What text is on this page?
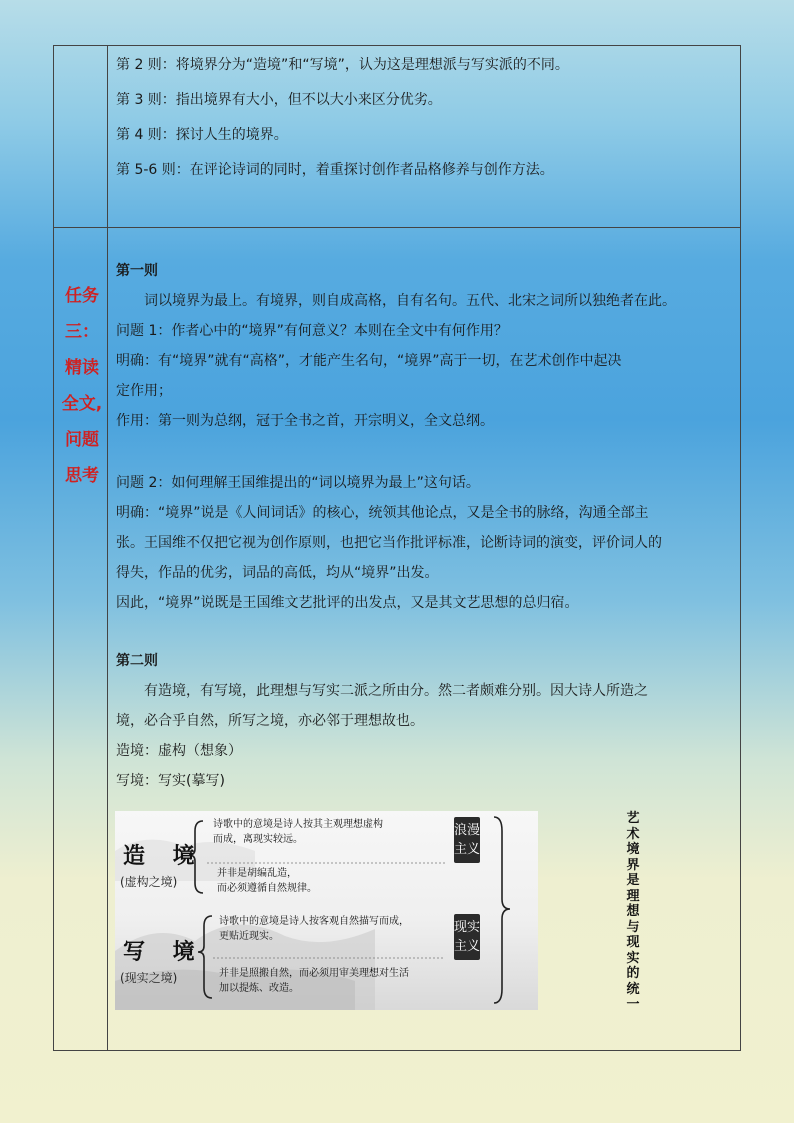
第 2 则：将境界分为“造境”和“写境”，认为这是理想派与写实派的不同。

第 3 则：指出境界有大小，但不以大小来区分优劣。

第 4 则：探讨人生的境界。

第 5-6 则：在评论诗词的同时，着重探讨创作者品格修养与创作方法。

任务
三：
精读
全文,
问题
思考

第一则

词以境界为最上。有境界，则自成高格，自有名句。五代、北宋之词所以独绝者在此。

问题 1：作者心中的“境界”有何意义？本则在全文中有何作用？

明确：有“境界”就有“高格”，才能产生名句，“境界”高于一切，在艺术创作中起决

定作用；

作用：第一则为总纲，冠于全书之首，开宗明义，全文总纲。

问题 2：如何理解王国维提出的“词以境界为最上”这句话。

明确：“境界”说是《人间词话》的核心，统领其他论点，又是全书的脉络，沟通全部主

张。王国维不仅把它视为创作原则，也把它当作批评标准，论断诗词的演变，评价词人的

得失，作品的优劣，词品的高低，均从“境界”出发。

因此，“境界”说既是王国维文艺批评的出发点，又是其文艺思想的总归宿。

第二则

有造境，有写境，此理想与写实二派之所由分。然二者颇难分别。因大诗人所造之

境，必合乎自然，所写之境，亦必邻于理想故也。

造境：虚构（想象）

写境：写实(摹写)

造 境
(虚构之境)
诗歌中的意境是诗人按其主观理想虚构
而成，离现实较远。
并非是胡编乱造，
而必须遵循自然规律。
写 境
(现实之境)
诗歌中的意境是诗人按客观自然描写而成，
更贴近现实。
并非是照搬自然，而必须用审美理想对生活
加以提炼、改造。
浪漫主义
现实主义
艺术境界是理想与现实的统一
